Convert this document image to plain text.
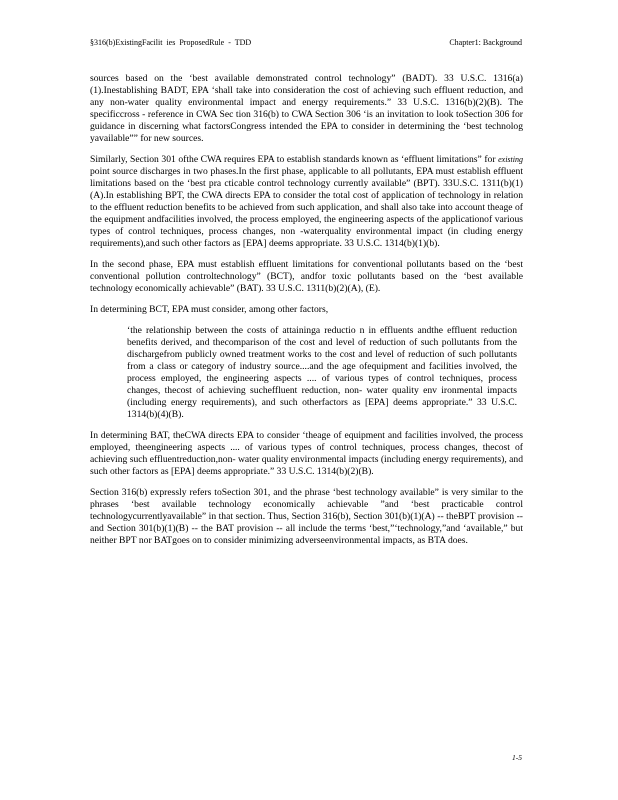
§316(b)ExistingFacilit ies ProposedRule - TDD	Chapter1: Background

sources based on the ‘best available demonstrated control technology” (BADT). 33 U.S.C. 1316(a)(1).Inestablishing BADT, EPA ‘shall take into consideration the cost of achieving such effluent reduction, and any non-water quality environmental impact and energy requirements.” 33 U.S.C. 1316(b)(2)(B). The specificcross - reference in CWA Sec tion 316(b) to CWA Section 306 ‘is an invitation to look toSection 306 for guidance in discerning what factorsCongress intended the EPA to consider in determining the ‘best technolog yavailable”” for new sources.

Similarly, Section 301 ofthe CWA requires EPA to establish standards known as ‘effluent limitations” for existing point source discharges in two phases.In the first phase, applicable to all pollutants, EPA must establish effluent limitations based on the ‘best pra cticable control technology currently available” (BPT). 33U.S.C. 1311(b)(1)(A).In establishing BPT, the CWA directs EPA to consider the total cost of application of technology in relation to the effluent reduction benefits to be achieved from such application, and shall also take into account theage of the equipment andfacilities involved, the process employed, the engineering aspects of the applicationof various types of control techniques, process changes, non -waterquality environmental impact (in cluding energy requirements),and such other factors as [EPA] deems appropriate. 33 U.S.C. 1314(b)(1)(b).

In the second phase, EPA must establish effluent limitations for conventional pollutants based on the ‘best conventional pollution controltechnology” (BCT), andfor toxic pollutants based on the ‘best available technology economically achievable” (BAT). 33 U.S.C. 1311(b)(2)(A), (E).

In determining BCT, EPA must consider, among other factors,

‘the relationship between the costs of attaininga reductio n in effluents andthe effluent reduction benefits derived, and thecomparison of the cost and level of reduction of such pollutants from the dischargefrom publicly owned treatment works to the cost and level of reduction of such pollutants from a class or category of industry source....and the age ofequipment and facilities involved, the process employed, the engineering aspects .... of various types of control techniques, process changes, thecost of achieving sucheffluent reduction, non- water quality env ironmental impacts (including energy requirements), and such otherfactors as [EPA] deems appropriate.” 33 U.S.C. 1314(b)(4)(B).

In determining BAT, theCWA directs EPA to consider ‘theage of equipment and facilities involved, the process employed, theengineering aspects .... of various types of control techniques, process changes, thecost of achieving such effluentreduction,non- water quality environmental impacts (including energy requirements), and such other factors as [EPA] deems appropriate.” 33 U.S.C. 1314(b)(2)(B).

Section 316(b) expressly refers toSection 301, and the phrase ‘best technology available” is very similar to the phrases ‘best available technology economically achievable ”and ‘best practicable control technologycurrentlyavailable” in that section. Thus, Section 316(b), Section 301(b)(1)(A) -- theBPT provision -- and Section 301(b)(1)(B) -- the BAT provision -- all include the terms ‘best,”‘technology,”and ‘available,” but neither BPT nor BATgoes on to consider minimizing adverseenvironmental impacts, as BTA does.

1-5
